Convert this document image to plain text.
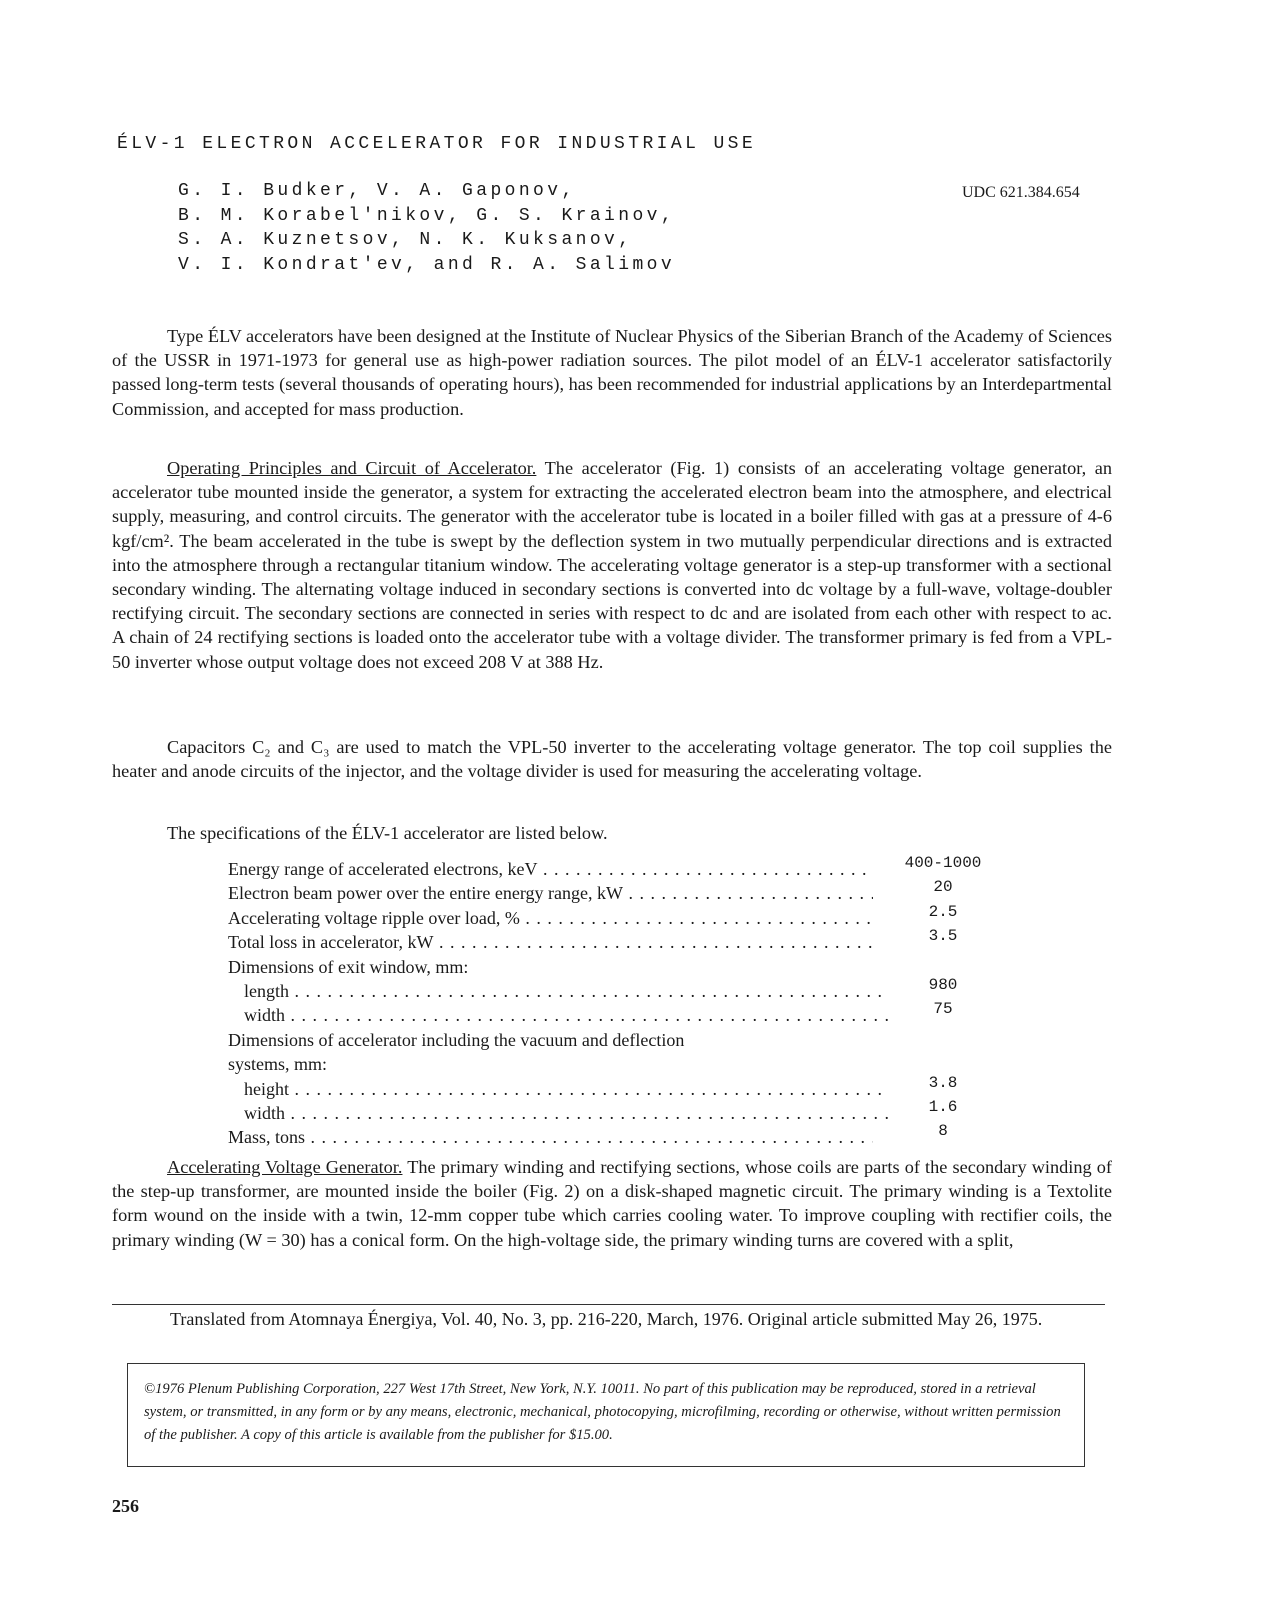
ÉLV-1 ELECTRON ACCELERATOR FOR INDUSTRIAL USE
G. I. Budker, V. A. Gaponov,
B. M. Korabel'nikov, G. S. Krainov,
S. A. Kuznetsov, N. K. Kuksanov,
V. I. Kondrat'ev, and R. A. Salimov
UDC 621.384.654

Type ÉLV accelerators have been designed at the Institute of Nuclear Physics of the Siberian Branch of the Academy of Sciences of the USSR in 1971-1973 for general use as high-power radiation sources. The pilot model of an ÉLV-1 accelerator satisfactorily passed long-term tests (several thousands of operating hours), has been recommended for industrial applications by an Interdepartmental Commission, and accepted for mass production.

Operating Principles and Circuit of Accelerator. The accelerator (Fig. 1) consists of an accelerating voltage generator, an accelerator tube mounted inside the generator, a system for extracting the accelerated electron beam into the atmosphere, and electrical supply, measuring, and control circuits. The generator with the accelerator tube is located in a boiler filled with gas at a pressure of 4-6 kgf/cm². The beam accelerated in the tube is swept by the deflection system in two mutually perpendicular directions and is extracted into the atmosphere through a rectangular titanium window. The accelerating voltage generator is a step-up transformer with a sectional secondary winding. The alternating voltage induced in secondary sections is converted into dc voltage by a full-wave, voltage-doubler rectifying circuit. The secondary sections are connected in series with respect to dc and are isolated from each other with respect to ac. A chain of 24 rectifying sections is loaded onto the accelerator tube with a voltage divider. The transformer primary is fed from a VPL-50 inverter whose output voltage does not exceed 208 V at 388 Hz.

Capacitors C₂ and C₃ are used to match the VPL-50 inverter to the accelerating voltage generator. The top coil supplies the heater and anode circuits of the injector, and the voltage divider is used for measuring the accelerating voltage.

The specifications of the ÉLV-1 accelerator are listed below.

Energy range of accelerated electrons, keV . . .	400-1000
Electron beam power over the entire energy range, kW . . .	20
Accelerating voltage ripple over load, % . . .	2.5
Total loss in accelerator, kW . . .	3.5
Dimensions of exit window, mm:
length . . .	980
width . . .	75
Dimensions of accelerator including the vacuum and deflection
systems, mm:
height . . .	3.8
width . . .	1.6
Mass, tons . . .	8

Accelerating Voltage Generator. The primary winding and rectifying sections, whose coils are parts of the secondary winding of the step-up transformer, are mounted inside the boiler (Fig. 2) on a disk-shaped magnetic circuit. The primary winding is a Textolite form wound on the inside with a twin, 12-mm copper tube which carries cooling water. To improve coupling with rectifier coils, the primary winding (W = 30) has a conical form. On the high-voltage side, the primary winding turns are covered with a split,

Translated from Atomnaya Énergiya, Vol. 40, No. 3, pp. 216-220, March, 1976. Original article submitted May 26, 1975.

©1976 Plenum Publishing Corporation, 227 West 17th Street, New York, N.Y. 10011. No part of this publication may be reproduced, stored in a retrieval system, or transmitted, in any form or by any means, electronic, mechanical, photocopying, microfilming, recording or otherwise, without written permission of the publisher. A copy of this article is available from the publisher for $15.00.

256
